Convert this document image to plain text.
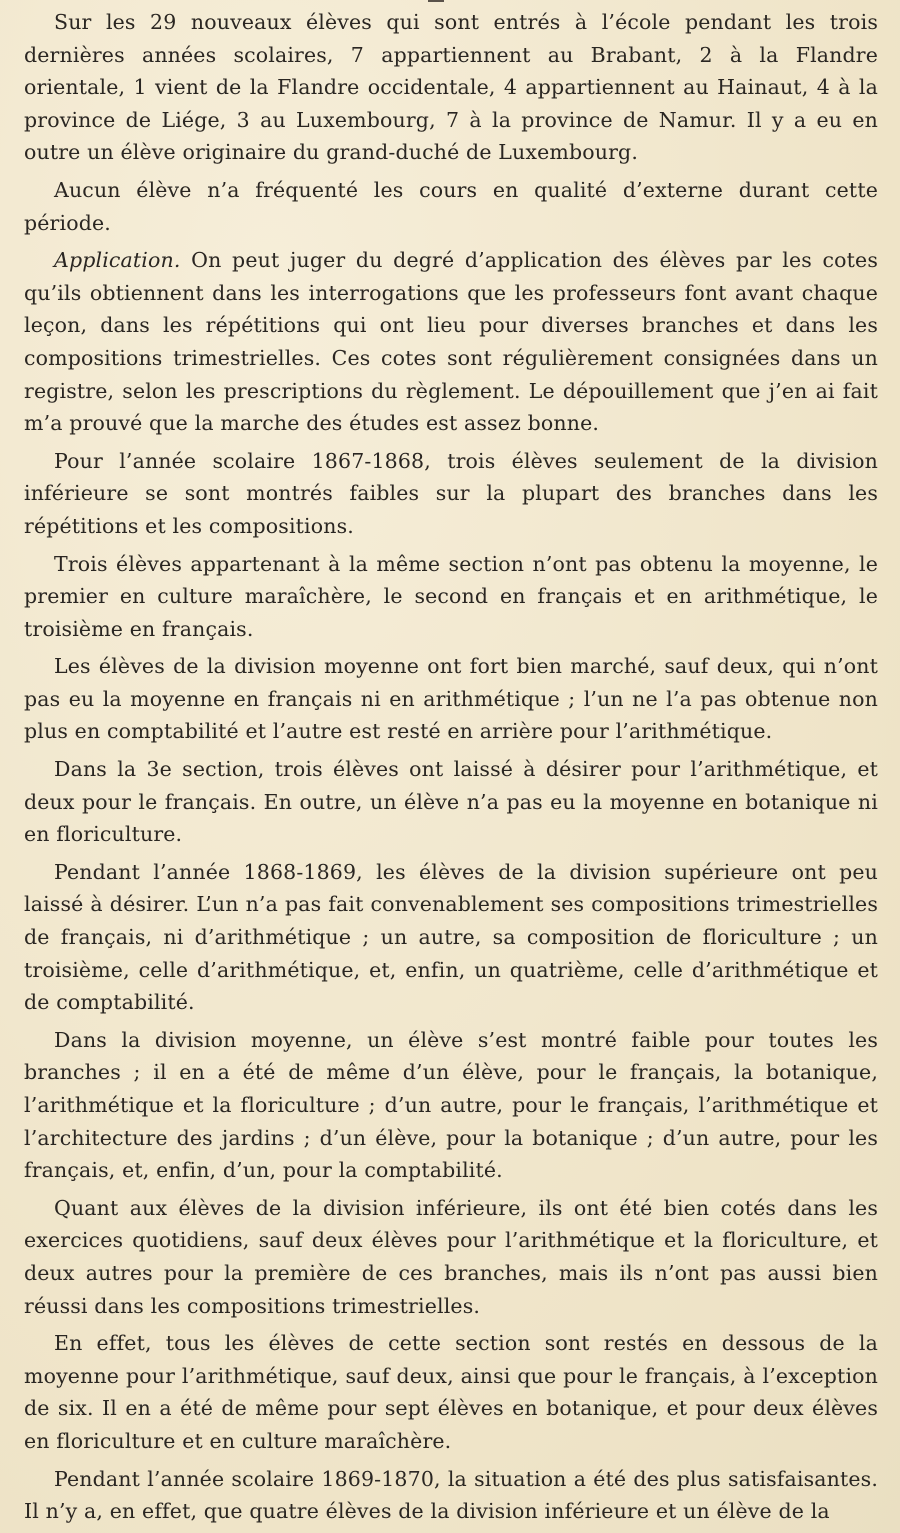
Sur les 29 nouveaux élèves qui sont entrés à l’école pendant les trois dernières années scolaires, 7 appartiennent au Brabant, 2 à la Flandre orientale, 1 vient de la Flandre occidentale, 4 appartiennent au Hainaut, 4 à la province de Liége, 3 au Luxembourg, 7 à la province de Namur. Il y a eu en outre un élève originaire du grand-duché de Luxembourg.

Aucun élève n’a fréquenté les cours en qualité d’externe durant cette période.

Application. On peut juger du degré d’application des élèves par les cotes qu’ils obtiennent dans les interrogations que les professeurs font avant chaque leçon, dans les répétitions qui ont lieu pour diverses branches et dans les compositions trimestrielles. Ces cotes sont régulièrement consignées dans un registre, selon les prescriptions du règlement. Le dépouillement que j’en ai fait m’a prouvé que la marche des études est assez bonne.

Pour l’année scolaire 1867-1868, trois élèves seulement de la division inférieure se sont montrés faibles sur la plupart des branches dans les répétitions et les compositions.

Trois élèves appartenant à la même section n’ont pas obtenu la moyenne, le premier en culture maraîchère, le second en français et en arithmétique, le troisième en français.

Les élèves de la division moyenne ont fort bien marché, sauf deux, qui n’ont pas eu la moyenne en français ni en arithmétique ; l’un ne l’a pas obtenue non plus en comptabilité et l’autre est resté en arrière pour l’arithmétique.

Dans la 3e section, trois élèves ont laissé à désirer pour l’arithmétique, et deux pour le français. En outre, un élève n’a pas eu la moyenne en botanique ni en floriculture.

Pendant l’année 1868-1869, les élèves de la division supérieure ont peu laissé à désirer. L’un n’a pas fait convenablement ses compositions trimestrielles de français, ni d’arithmétique ; un autre, sa composition de floriculture ; un troisième, celle d’arithmétique, et, enfin, un quatrième, celle d’arithmétique et de comptabilité.

Dans la division moyenne, un élève s’est montré faible pour toutes les branches ; il en a été de même d’un élève, pour le français, la botanique, l’arithmétique et la floriculture ; d’un autre, pour le français, l’arithmétique et l’architecture des jardins ; d’un élève, pour la botanique ; d’un autre, pour les français, et, enfin, d’un, pour la comptabilité.

Quant aux élèves de la division inférieure, ils ont été bien cotés dans les exercices quotidiens, sauf deux élèves pour l’arithmétique et la floriculture, et deux autres pour la première de ces branches, mais ils n’ont pas aussi bien réussi dans les compositions trimestrielles.

En effet, tous les élèves de cette section sont restés en dessous de la moyenne pour l’arithmétique, sauf deux, ainsi que pour le français, à l’exception de six. Il en a été de même pour sept élèves en botanique, et pour deux élèves en floriculture et en culture maraîchère.

Pendant l’année scolaire 1869-1870, la situation a été des plus satisfaisantes. Il n’y a, en effet, que quatre élèves de la division inférieure et un élève de la
